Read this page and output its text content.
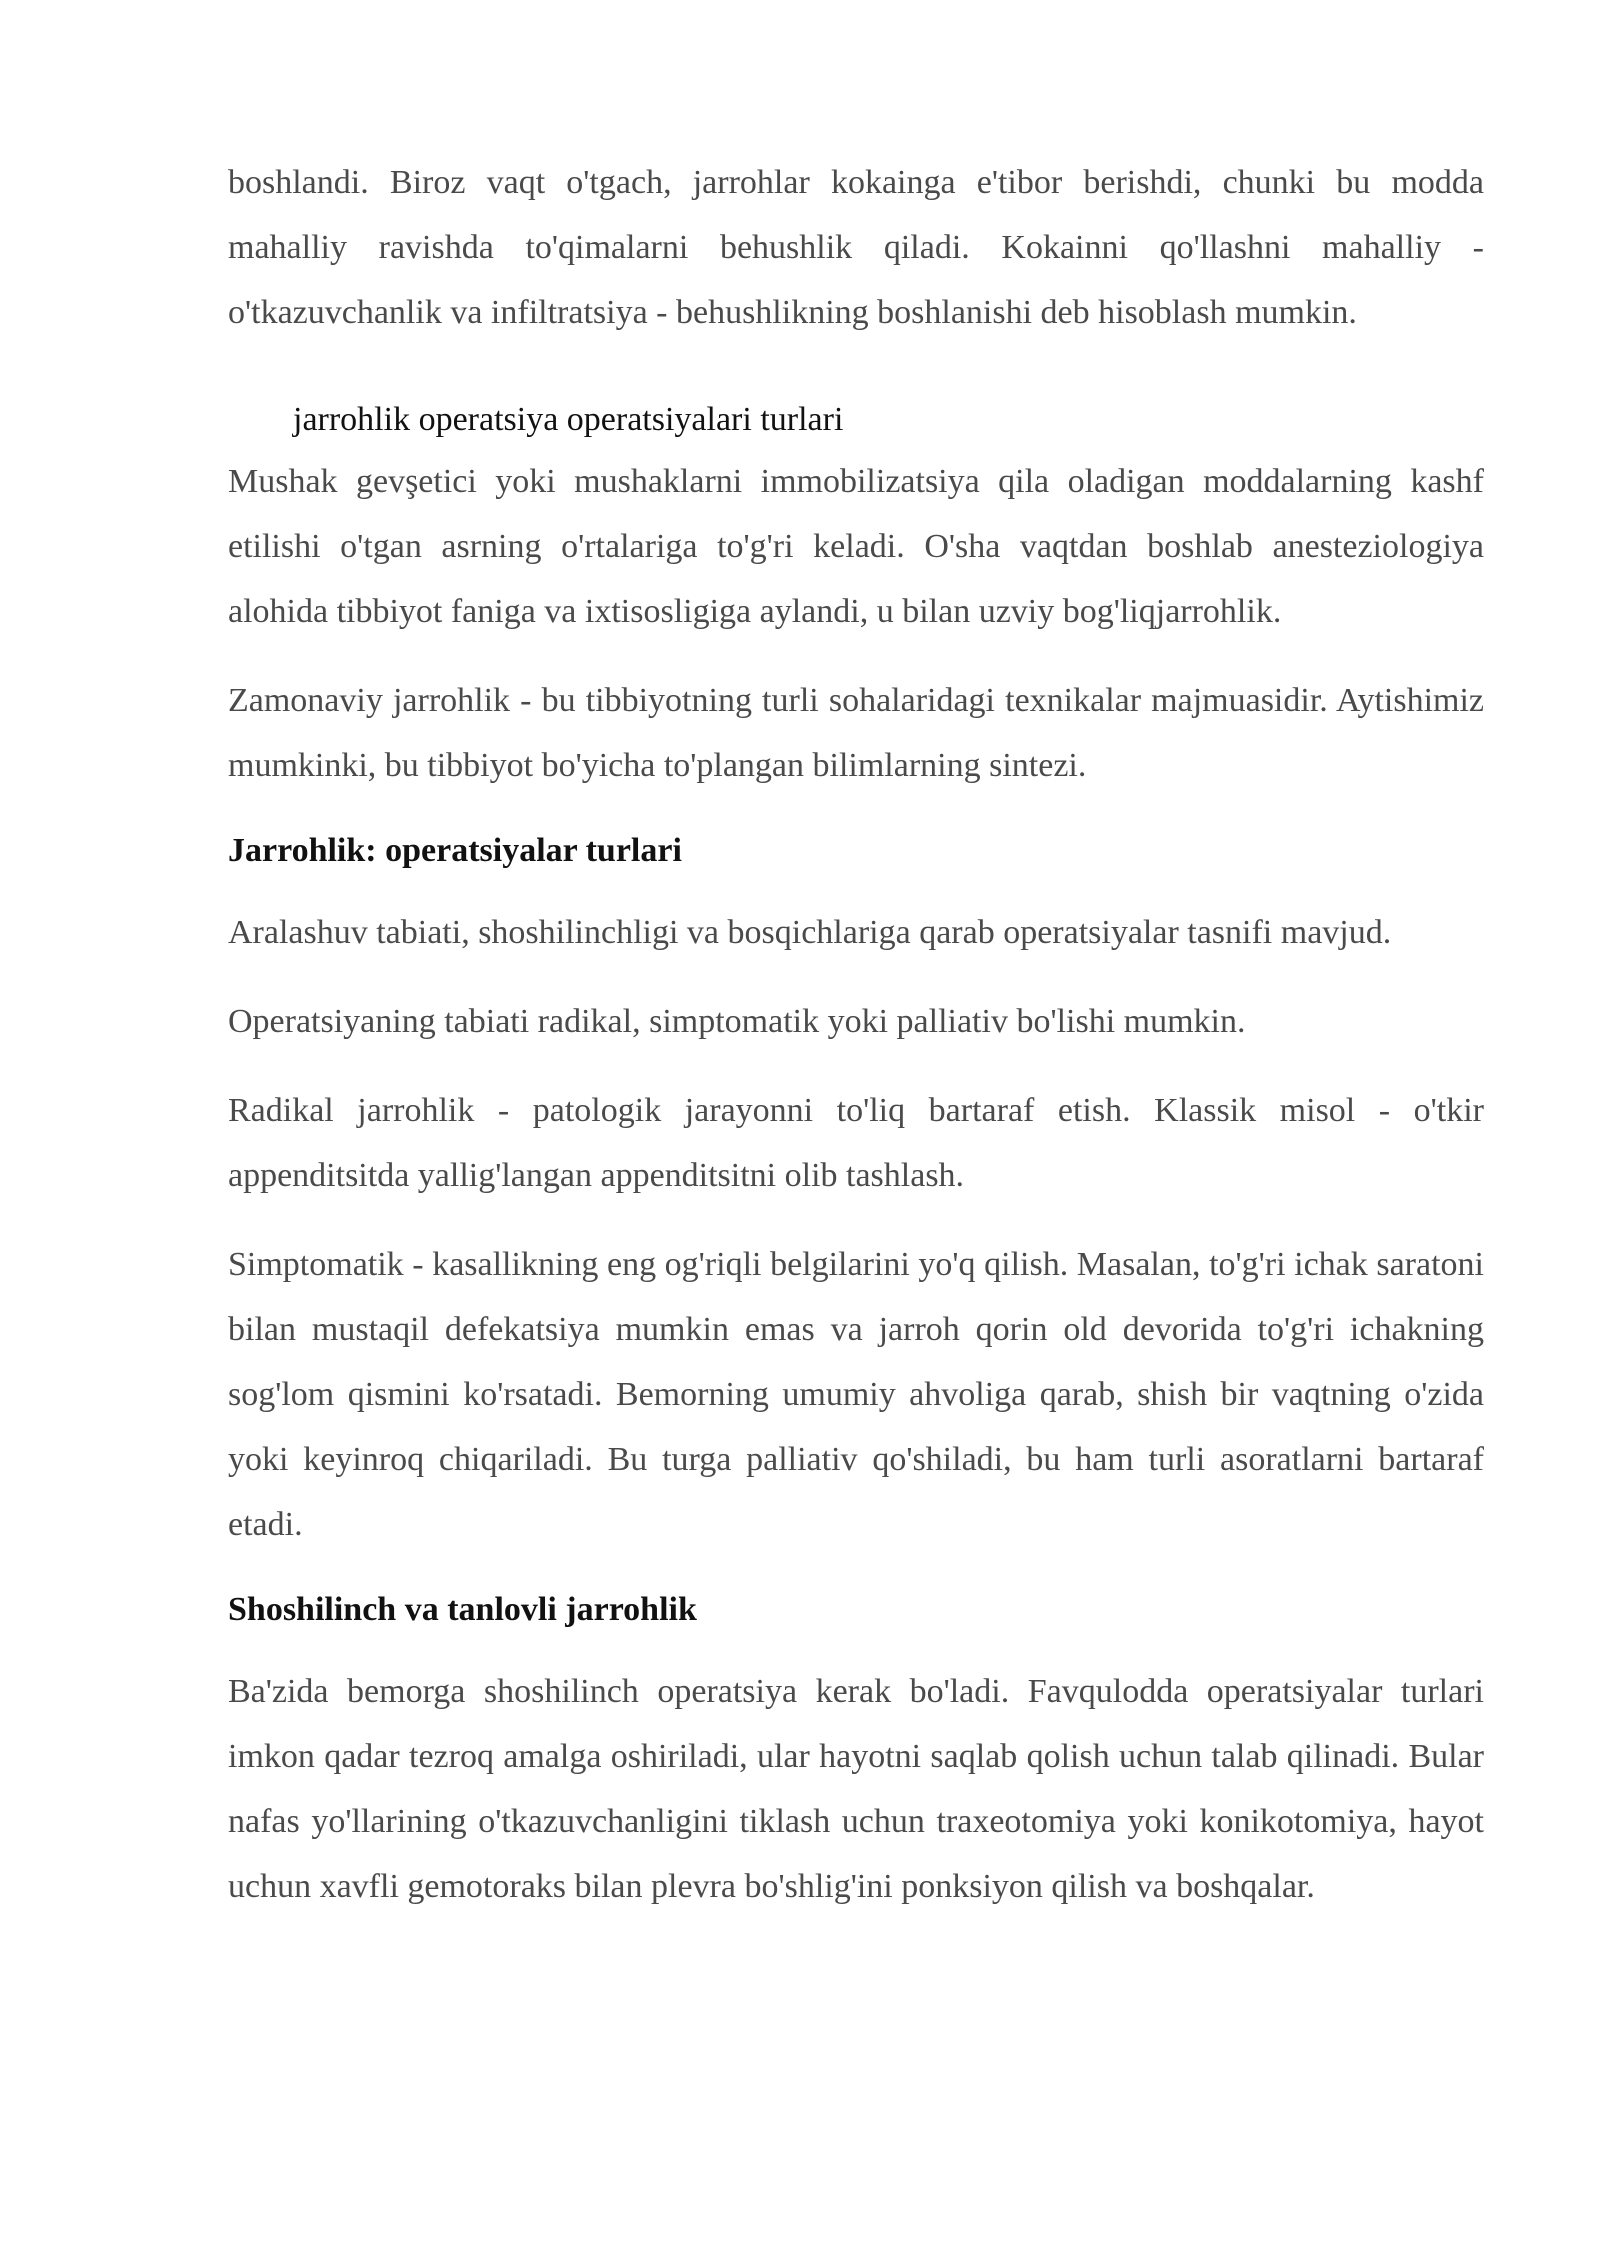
boshlandi. Biroz vaqt o'tgach, jarrohlar kokainga e'tibor berishdi, chunki bu modda mahalliy ravishda to'qimalarni behushlik qiladi. Kokainni qo'llashni mahalliy - o'tkazuvchanlik va infiltratsiya - behushlikning boshlanishi deb hisoblash mumkin.

jarrohlik operatsiya operatsiyalari turlari

Mushak gevşetici yoki mushaklarni immobilizatsiya qila oladigan moddalarning kashf etilishi o'tgan asrning o'rtalariga to'g'ri keladi. O'sha vaqtdan boshlab anesteziologiya alohida tibbiyot faniga va ixtisosligiga aylandi, u bilan uzviy bog'liqjarrohlik.

Zamonaviy jarrohlik - bu tibbiyotning turli sohalaridagi texnikalar majmuasidir. Aytishimiz mumkinki, bu tibbiyot bo'yicha to'plangan bilimlarning sintezi.

Jarrohlik: operatsiyalar turlari

Aralashuv tabiati, shoshilinchligi va bosqichlariga qarab operatsiyalar tasnifi mavjud.

Operatsiyaning tabiati radikal, simptomatik yoki palliativ bo'lishi mumkin.

Radikal jarrohlik - patologik jarayonni to'liq bartaraf etish. Klassik misol - o'tkir appenditsitda yallig'langan appenditsitni olib tashlash.

Simptomatik - kasallikning eng og'riqli belgilarini yo'q qilish. Masalan, to'g'ri ichak saratoni bilan mustaqil defekatsiya mumkin emas va jarroh qorin old devorida to'g'ri ichakning sog'lom qismini ko'rsatadi. Bemorning umumiy ahvoliga qarab, shish bir vaqtning o'zida yoki keyinroq chiqariladi. Bu turga palliativ qo'shiladi, bu ham turli asoratlarni bartaraf etadi.

Shoshilinch va tanlovli jarrohlik

Ba'zida bemorga shoshilinch operatsiya kerak bo'ladi. Favqulodda operatsiyalar turlari imkon qadar tezroq amalga oshiriladi, ular hayotni saqlab qolish uchun talab qilinadi. Bular nafas yo'llarining o'tkazuvchanligini tiklash uchun traxeotomiya yoki konikotomiya, hayot uchun xavfli gemotoraks bilan plevra bo'shlig'ini ponksiyon qilish va boshqalar.
